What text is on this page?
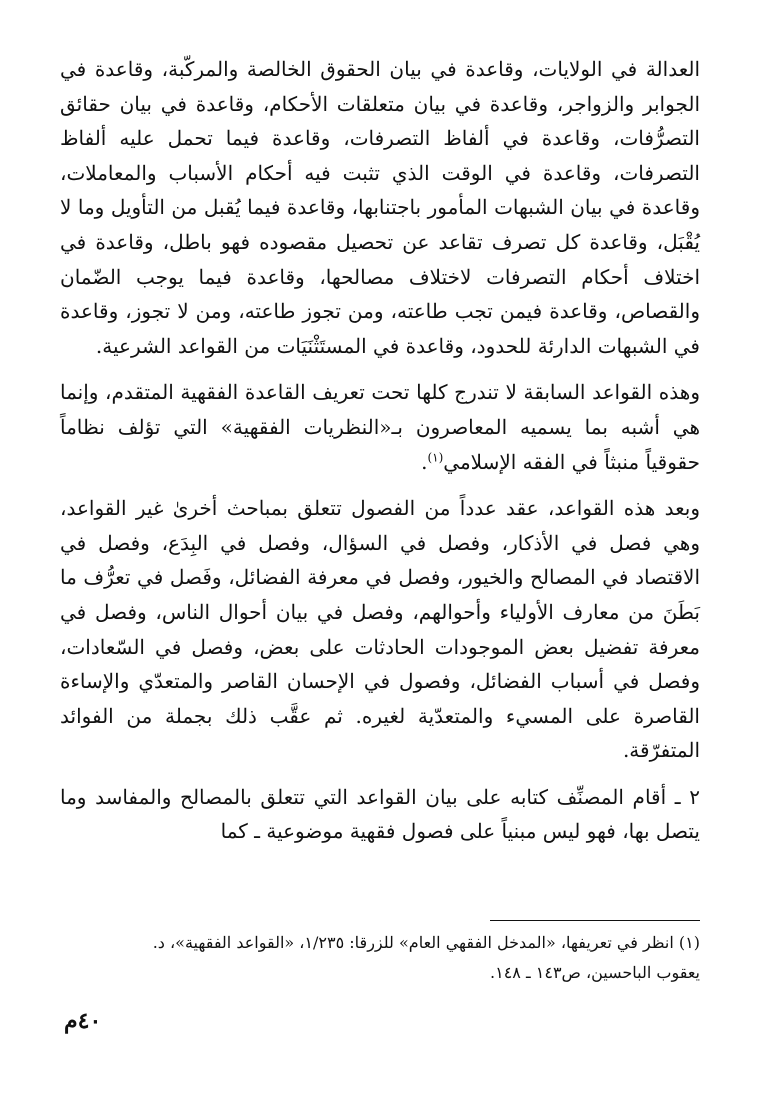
العدالة في الولايات، وقاعدة في بيان الحقوق الخالصة والمركّبة، وقاعدة في الجوابر والزواجر، وقاعدة في بيان متعلقات الأحكام، وقاعدة في بيان حقائق التصرُّفات، وقاعدة في ألفاظ التصرفات، وقاعدة فيما تحمل عليه ألفاظ التصرفات، وقاعدة في الوقت الذي تثبت فيه أحكام الأسباب والمعاملات، وقاعدة في بيان الشبهات المأمور باجتنابها، وقاعدة فيما يُقبل من التأويل وما لا يُقْبَل، وقاعدة كل تصرف تقاعد عن تحصيل مقصوده فهو باطل، وقاعدة في اختلاف أحكام التصرفات لاختلاف مصالحها، وقاعدة فيما يوجب الضّمان والقصاص، وقاعدة فيمن تجب طاعته، ومن تجوز طاعته، ومن لا تجوز، وقاعدة في الشبهات الدارئة للحدود، وقاعدة في المستَثْنَيَات من القواعد الشرعية.

وهذه القواعد السابقة لا تندرج كلها تحت تعريف القاعدة الفقهية المتقدم، وإنما هي أشبه بما يسميه المعاصرون بـ«النظريات الفقهية» التي تؤلف نظاماً حقوقياً منبثاً في الفقه الإسلامي$^{(١)}$.

وبعد هذه القواعد، عقد عدداً من الفصول تتعلق بمباحث أخرىٰ غير القواعد، وهي فصل في الأذكار، وفصل في السؤال، وفصل في البِدَع، وفصل في الاقتصاد في المصالح والخيور، وفصل في معرفة الفضائل، وفَصل في تعرُّف ما بَطَنَ من معارف الأولياء وأحوالهم، وفصل في بيان أحوال الناس، وفصل في معرفة تفضيل بعض الموجودات الحادثات على بعض، وفصل في السّعادات، وفصل في أسباب الفضائل، وفصول في الإحسان القاصر والمتعدّي والإساءة القاصرة على المسيء والمتعدّية لغيره. ثم عقَّب ذلك بجملة من الفوائد المتفرّقة.

٢ ـ أقام المصنِّف كتابه على بيان القواعد التي تتعلق بالمصالح والمفاسد وما يتصل بها، فهو ليس مبنياً على فصول فقهية موضوعية ـ كما

(١) انظر في تعريفها، «المدخل الفقهي العام» للزرقا: ١/٢٣٥، «القواعد الفقهية»، د.
يعقوب الباحسين، ص١٤٣ ـ ١٤٨.
٤٠م
